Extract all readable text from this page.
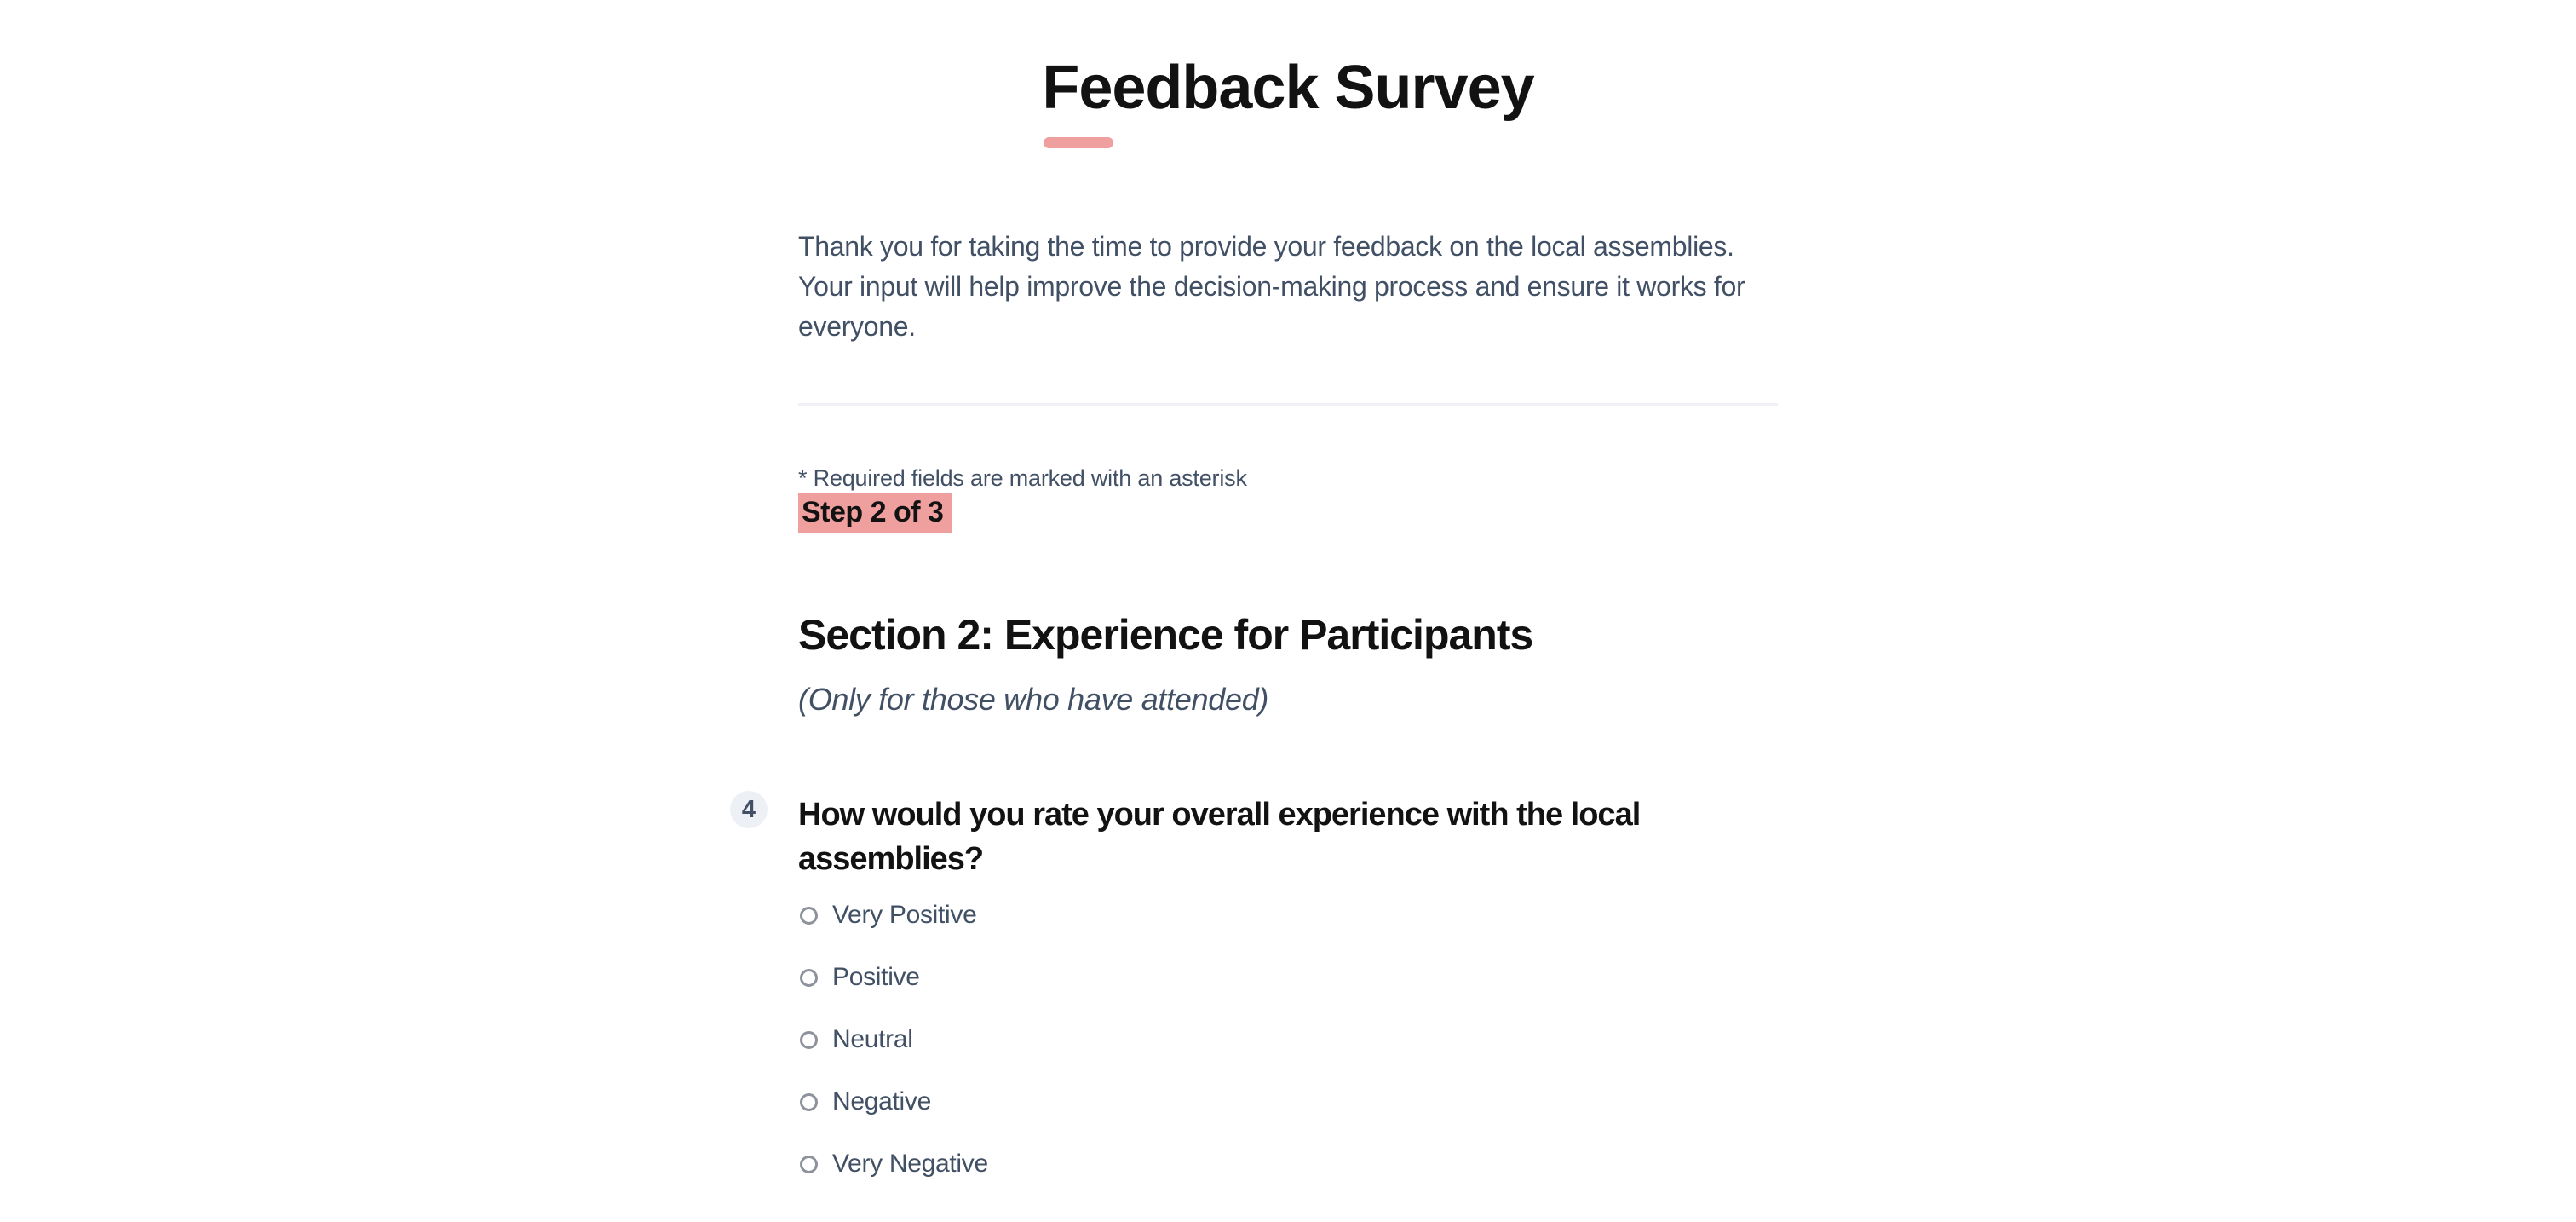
Feedback Survey

Thank you for taking the time to provide your feedback on the local assemblies. Your input will help improve the decision-making process and ensure it works for everyone.

* Required fields are marked with an asterisk

Step 2 of 3
Section 2: Experience for Participants

(Only for those who have attended)

4	How would you rate your overall experience with the local assemblies?
Very Positive
Positive
Neutral
Negative
Very Negative
